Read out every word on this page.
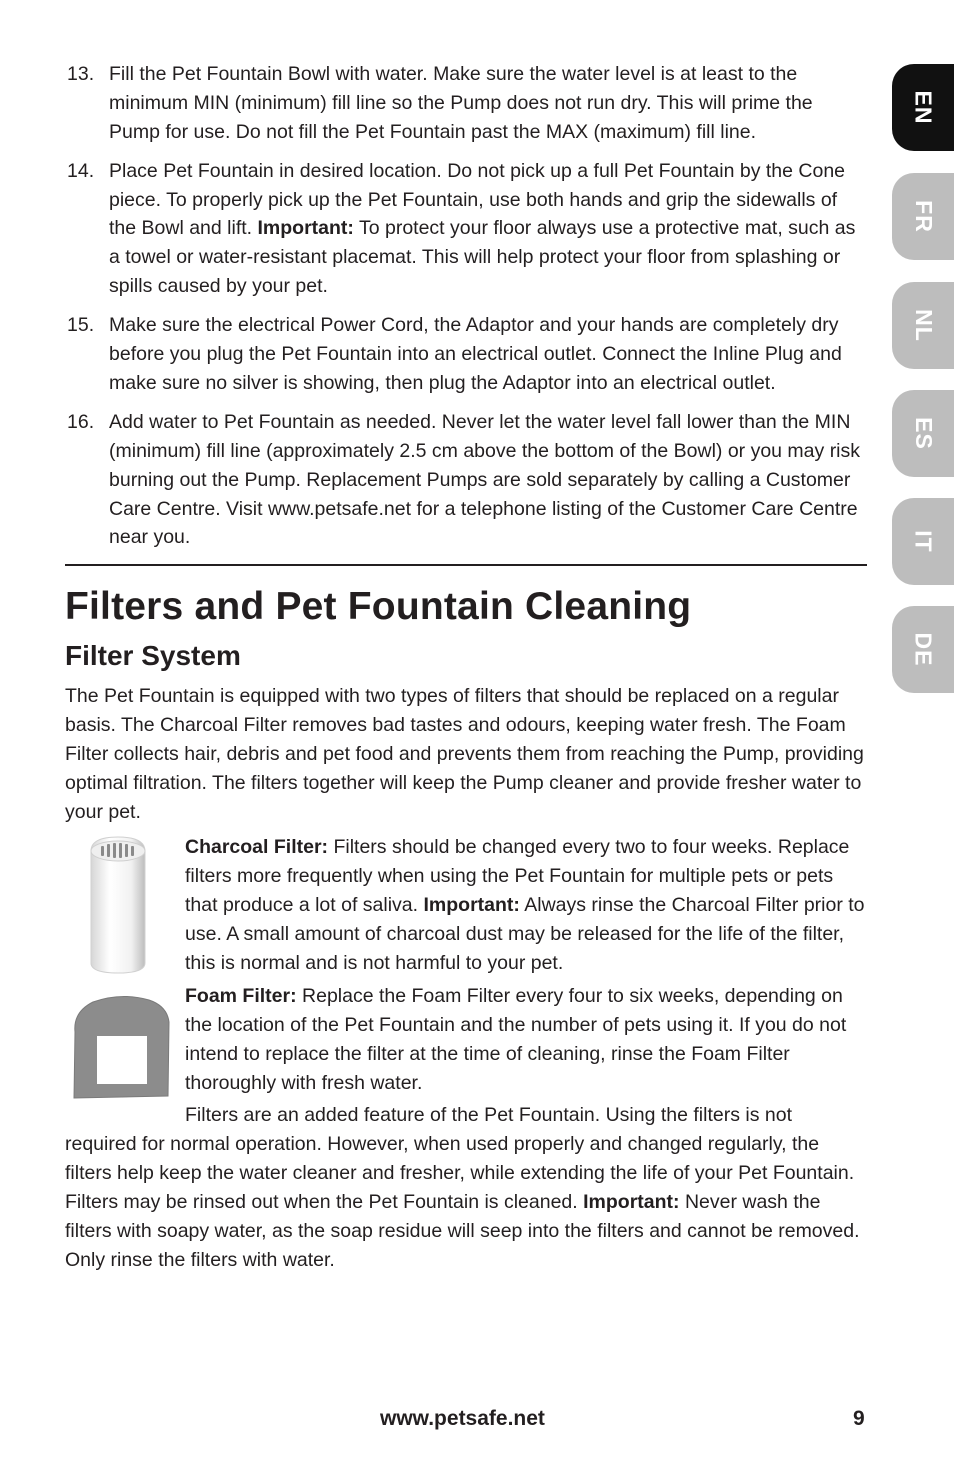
13. Fill the Pet Fountain Bowl with water. Make sure the water level is at least to the minimum MIN (minimum) fill line so the Pump does not run dry. This will prime the Pump for use. Do not fill the Pet Fountain past the MAX (maximum) fill line.
14. Place Pet Fountain in desired location. Do not pick up a full Pet Fountain by the Cone piece. To properly pick up the Pet Fountain, use both hands and grip the sidewalls of the Bowl and lift. Important: To protect your floor always use a protective mat, such as a towel or water-resistant placemat. This will help protect your floor from splashing or spills caused by your pet.
15. Make sure the electrical Power Cord, the Adaptor and your hands are completely dry before you plug the Pet Fountain into an electrical outlet. Connect the Inline Plug and make sure no silver is showing, then plug the Adaptor into an electrical outlet.
16. Add water to Pet Fountain as needed. Never let the water level fall lower than the MIN (minimum) fill line (approximately 2.5 cm above the bottom of the Bowl) or you may risk burning out the Pump. Replacement Pumps are sold separately by calling a Customer Care Centre. Visit www.petsafe.net for a telephone listing of the Customer Care Centre near you.
Filters and Pet Fountain Cleaning
Filter System

The Pet Fountain is equipped with two types of filters that should be replaced on a regular basis. The Charcoal Filter removes bad tastes and odours, keeping water fresh. The Foam Filter collects hair, debris and pet food and prevents them from reaching the Pump, providing optimal filtration. The filters together will keep the Pump cleaner and provide fresher water to your pet.

Charcoal Filter: Filters should be changed every two to four weeks. Replace filters more frequently when using the Pet Fountain for multiple pets or pets that produce a lot of saliva. Important: Always rinse the Charcoal Filter prior to use. A small amount of charcoal dust may be released for the life of the filter, this is normal and is not harmful to your pet.
Foam Filter: Replace the Foam Filter every four to six weeks, depending on the location of the Pet Fountain and the number of pets using it. If you do not intend to replace the filter at the time of cleaning, rinse the Foam Filter thoroughly with fresh water.

Filters are an added feature of the Pet Fountain. Using the filters is not required for normal operation. However, when used properly and changed regularly, the filters help keep the water cleaner and fresher, while extending the life of your Pet Fountain. Filters may be rinsed out when the Pet Fountain is cleaned. Important: Never wash the filters with soapy water, as the soap residue will seep into the filters and cannot be removed. Only rinse the filters with water.

EN
FR
NL
ES
IT
DE
www.petsafe.net	9
